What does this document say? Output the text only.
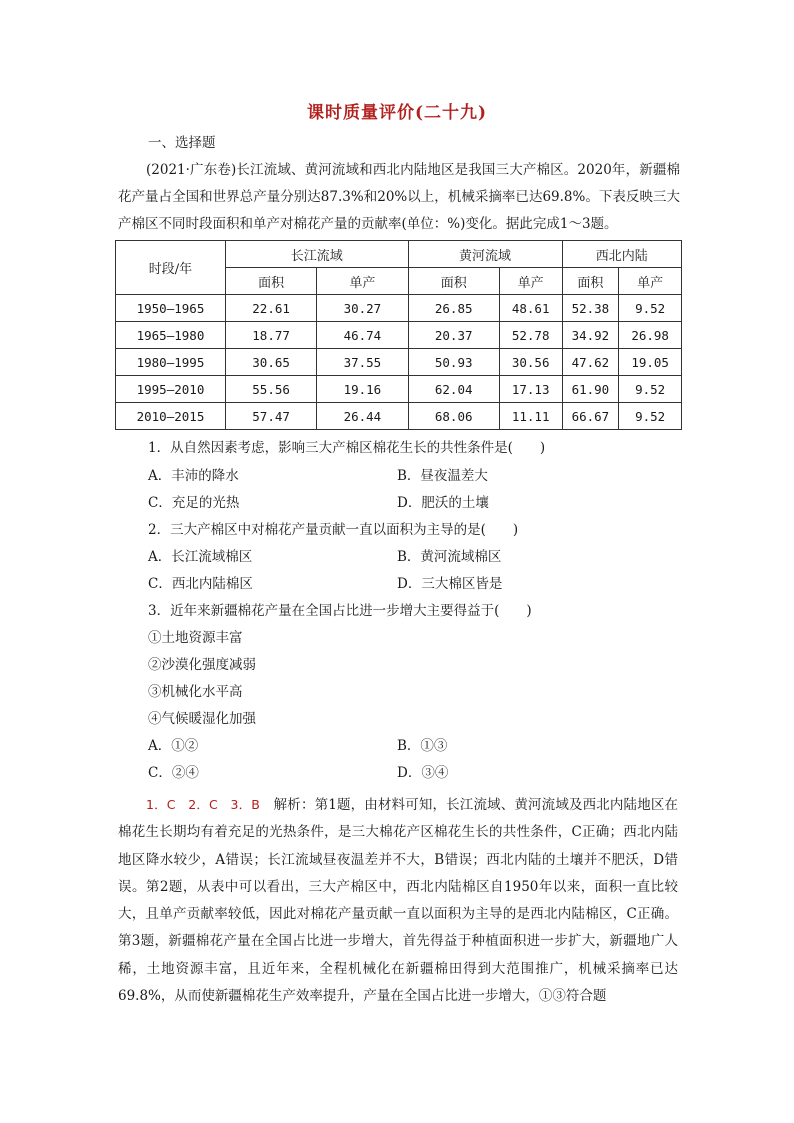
课时质量评价(二十九)
一、选择题
(2021·广东卷)长江流域、黄河流域和西北内陆地区是我国三大产棉区。2020年，新疆棉花产量占全国和世界总产量分别达87.3%和20%以上，机械采摘率已达69.8%。下表反映三大产棉区不同时段面积和单产对棉花产量的贡献率(单位：%)变化。据此完成1～3题。
时段/年	长江流域		黄河流域		西北内陆	
	面积	单产	面积	单产	面积	单产
1950—1965	22.61	30.27	26.85	48.61	52.38	9.52
1965—1980	18.77	46.74	20.37	52.78	34.92	26.98
1980—1995	30.65	37.55	50.93	30.56	47.62	19.05
1995—2010	55.56	19.16	62.04	17.13	61.90	9.52
2010—2015	57.47	26.44	68.06	11.11	66.67	9.52
1．从自然因素考虑，影响三大产棉区棉花生长的共性条件是(　　)
A．丰沛的降水	B．昼夜温差大
C．充足的光热	D．肥沃的土壤
2．三大产棉区中对棉花产量贡献一直以面积为主导的是(　　)
A．长江流域棉区	B．黄河流域棉区
C．西北内陆棉区	D．三大棉区皆是
3．近年来新疆棉花产量在全国占比进一步增大主要得益于(　　)
①土地资源丰富
②沙漠化强度减弱
③机械化水平高
④气候暖湿化加强
A．①②	B．①③
C．②④	D．③④
1．C　2．C　3．B　解析：第1题，由材料可知，长江流域、黄河流域及西北内陆地区在棉花生长期均有着充足的光热条件，是三大棉花产区棉花生长的共性条件，C正确；西北内陆地区降水较少，A错误；长江流域昼夜温差并不大，B错误；西北内陆的土壤并不肥沃，D错误。第2题，从表中可以看出，三大产棉区中，西北内陆棉区自1950年以来，面积一直比较大，且单产贡献率较低，因此对棉花产量贡献一直以面积为主导的是西北内陆棉区，C正确。第3题，新疆棉花产量在全国占比进一步增大，首先得益于种植面积进一步扩大，新疆地广人稀，土地资源丰富，且近年来，全程机械化在新疆棉田得到大范围推广，机械采摘率已达69.8%，从而使新疆棉花生产效率提升，产量在全国占比进一步增大，①③符合题
